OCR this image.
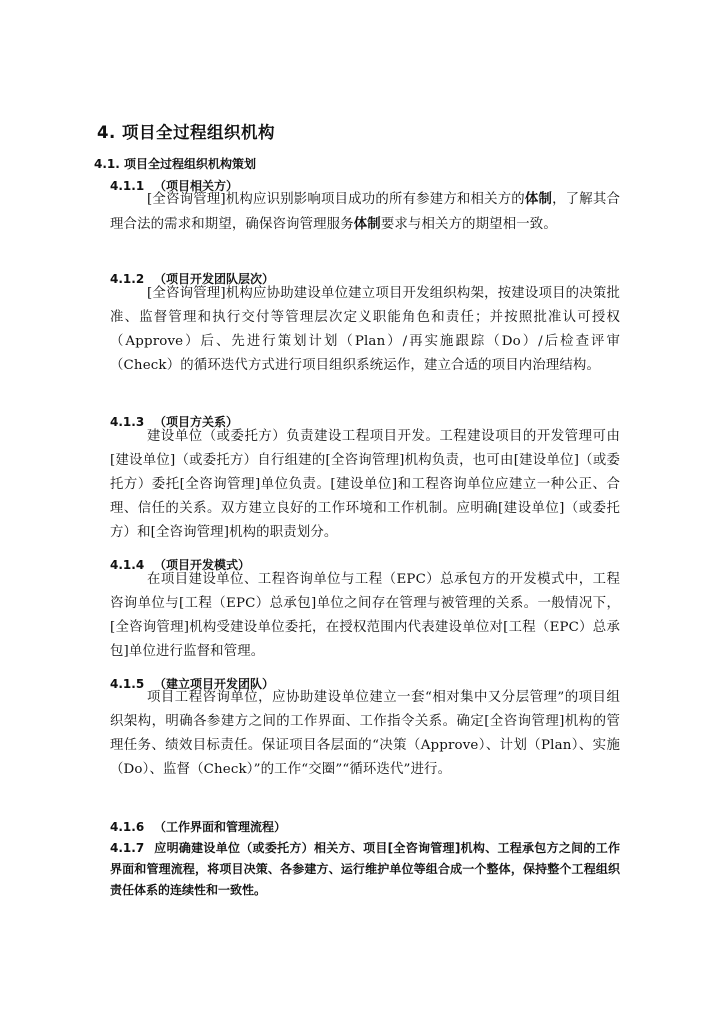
4. 项目全过程组织机构
4.1. 项目全过程组织机构策划
4.1.1 （项目相关方）
[全咨询管理]机构应识别影响项目成功的所有参建方和相关方的体制，了解其合理合法的需求和期望，确保咨询管理服务体制要求与相关方的期望相一致。
4.1.2 （项目开发团队层次）
[全咨询管理]机构应协助建设单位建立项目开发组织构架，按建设项目的决策批准、监督管理和执行交付等管理层次定义职能角色和责任；并按照批准认可授权（Approve）后、先进行策划计划（Plan）/再实施跟踪（Do）/后检查评审（Check）的循环迭代方式进行项目组织系统运作，建立合适的项目内治理结构。
4.1.3 （项目方关系）
建设单位（或委托方）负责建设工程项目开发。工程建设项目的开发管理可由[建设单位]（或委托方）自行组建的[全咨询管理]机构负责，也可由[建设单位]（或委托方）委托[全咨询管理]单位负责。[建设单位]和工程咨询单位应建立一种公正、合理、信任的关系。双方建立良好的工作环境和工作机制。应明确[建设单位]（或委托方）和[全咨询管理]机构的职责划分。
4.1.4 （项目开发模式）
在项目建设单位、工程咨询单位与工程（EPC）总承包方的开发模式中，工程咨询单位与[工程（EPC）总承包]单位之间存在管理与被管理的关系。一般情况下，[全咨询管理]机构受建设单位委托，在授权范围内代表建设单位对[工程（EPC）总承包]单位进行监督和管理。
4.1.5 （建立项目开发团队）
项目工程咨询单位，应协助建设单位建立一套“相对集中又分层管理”的项目组织架构，明确各参建方之间的工作界面、工作指令关系。确定[全咨询管理]机构的管理任务、绩效目标责任。保证项目各层面的“决策（Approve）、计划（Plan）、实施（Do）、监督（Check）”的工作“交圈”“循环迭代”进行。
4.1.6 （工作界面和管理流程）
4.1.7 应明确建设单位（或委托方）相关方、项目[全咨询管理]机构、工程承包方之间的工作界面和管理流程，将项目决策、各参建方、运行维护单位等组合成一个整体，保持整个工程组织责任体系的连续性和一致性。
